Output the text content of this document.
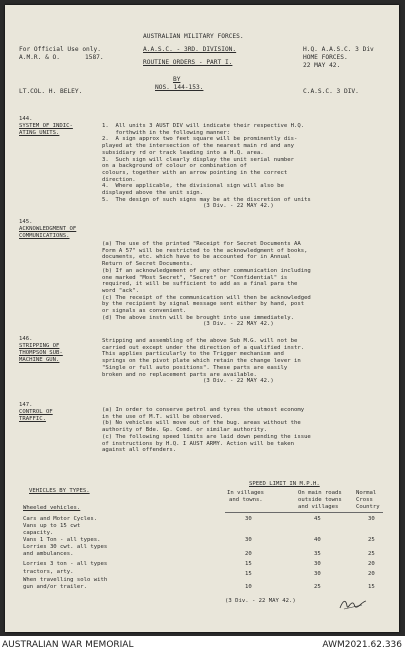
For Official Use only.
A.M.R. & O.	1587.
AUSTRALIAN MILITARY FORCES.
A.A.S.C. - 3RD. DIVISION.
ROUTINE ORDERS - PART I.
BY
NOS. 144-153.
H.Q. A.A.S.C. 3 Div
HOME FORCES.
22 MAY 42.
LT.COL. H. BELEY.	C.A.S.C. 3 DIV.
144.
SYSTEM OF INDIC-
ATING UNITS.
1.  All units 3 AUST DIV will indicate their respective H.Q.
forthwith in the following manner:
2.  A sign approx two feet square will be prominently dis-
played at the intersection of the nearest main rd and any
subsidiary rd or track leading into a H.Q. area.
3.  Such sign will clearly display the unit serial number
on a background of colour or combination of
colours, together with an arrow pointing in the correct
direction.
4.  Where applicable, the divisional sign will also be
displayed above the unit sign.
5.  The design of such signs may be at the discretion of units
(3 Div. - 22 MAY 42.)
145.
ACKNOWLEDGMENT OF
COMMUNICATIONS.
(a) The use of the printed "Receipt for Secret Documents AA
Form A 57" will be restricted to the acknowledgment of books,
documents, etc. which have to be accounted for in Annual
Return of Secret Documents.
(b) If an acknowledgement of any other communication including
one marked "Most Secret", "Secret" or "Confidential" is
required, it will be sufficient to add as a final para the
word "ack".
(c) The receipt of the communication will then be acknowledged
by the recipient by signal message sent either by hand, post
or signals as convenient.
(d) The above instn will be brought into use immediately.
(3 Div. - 22 MAY 42.)
146.
STRIPPING OF
THOMPSON SUB-
MACHINE GUN.
Stripping and assembling of the above Sub M.G. will not be
carried out except under the direction of a qualified instr.
This applies particularly to the Trigger mechanism and
springs on the pivot plate which retain the change lever in
"Single or full auto positions". These parts are easily
broken and no replacement parts are available.
(3 Div. - 22 MAY 42.)
147.
CONTROL OF
TRAFFIC.
(a) In order to conserve petrol and tyres the utmost economy
in the use of M.T. will be observed.
(b) No vehicles will move out of the bug. areas without the
authority of Bde. Gp. Comd. or similar authority.
(c) The following speed limits are laid down pending the issue
of instructions by H.Q. I AUST ARMY. Action will be taken
against all offenders.
VEHICLES BY TYPES.
SPEED LIMIT IN M.P.H.
In villages
and towns.
On main roads
outside towns
and villages
Normal
Cross
Country
Wheeled vehicles.
Cars and Motor Cycles.
Vans up to 15 cwt
capacity.
30	45	30
Vans 1 Ton - all types.	30	40	25
Lorries 30 cwt. all types
and ambulances.	20	35	25
Lorries 3 ton - all types	15	30	20
tractors, arty.	15	30	20
When travelling solo with
gun and/or trailer.	10	25	15
(3 Div. - 22 MAY 42.)
AUSTRALIAN WAR MEMORIAL	AWM2021.62.336
